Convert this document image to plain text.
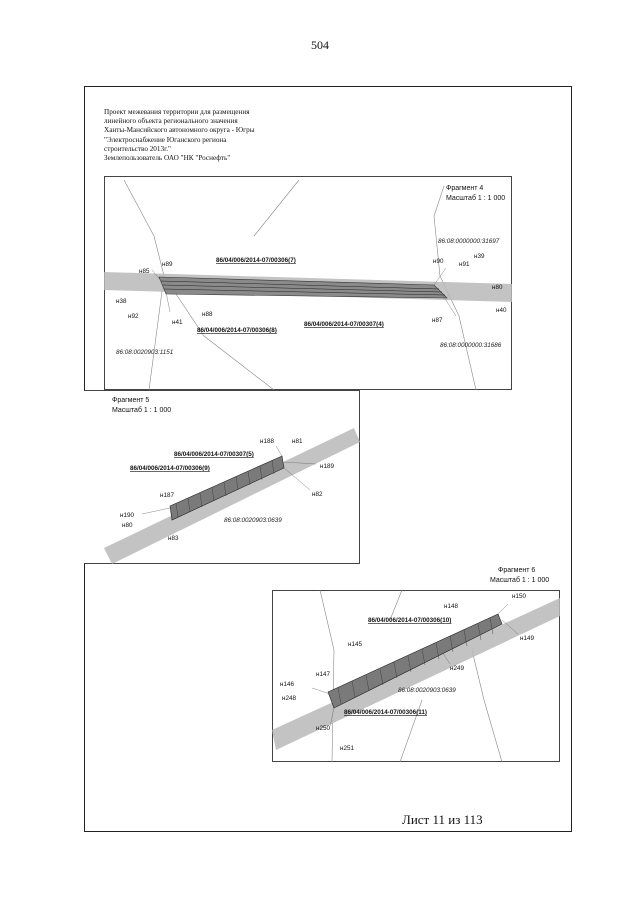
504
Проект межевания территории для размещения
линейного объекта регионального значения
Ханты-Мансийского автономного округа - Югры
"Электроснабжение Юганского региона
строительство 2013г."
Землепользователь ОАО "НК "Роснефть"
Фрагмент 4
Масштаб 1 : 1 000
86/04/006/2014-07/00306(7)
86/04/006/2014-07/00306(8)
86/04/006/2014-07/00307(4)
86:08:0000000:31697
86:08:0000000:31686
86:08:0020903:1151
н89
н85
н38
н92
н41
н88
н90 н91
н39
н80
н40
н87
Фрагмент 5
Масштаб 1 : 1 000
86/04/006/2014-07/00307(5)
86/04/006/2014-07/00306(9)
86:08:0020903:0639
н188	н81
н189
н82
н187
н190
н80
н83
Фрагмент 6
Масштаб 1 : 1 000
86/04/006/2014-07/00306(10)
86/04/006/2014-07/00306(11)
86:08:0020903:0639
н148
н150
н149
н145
н249
н147
н146
н248
н250
н251
Лист 11 из 113
